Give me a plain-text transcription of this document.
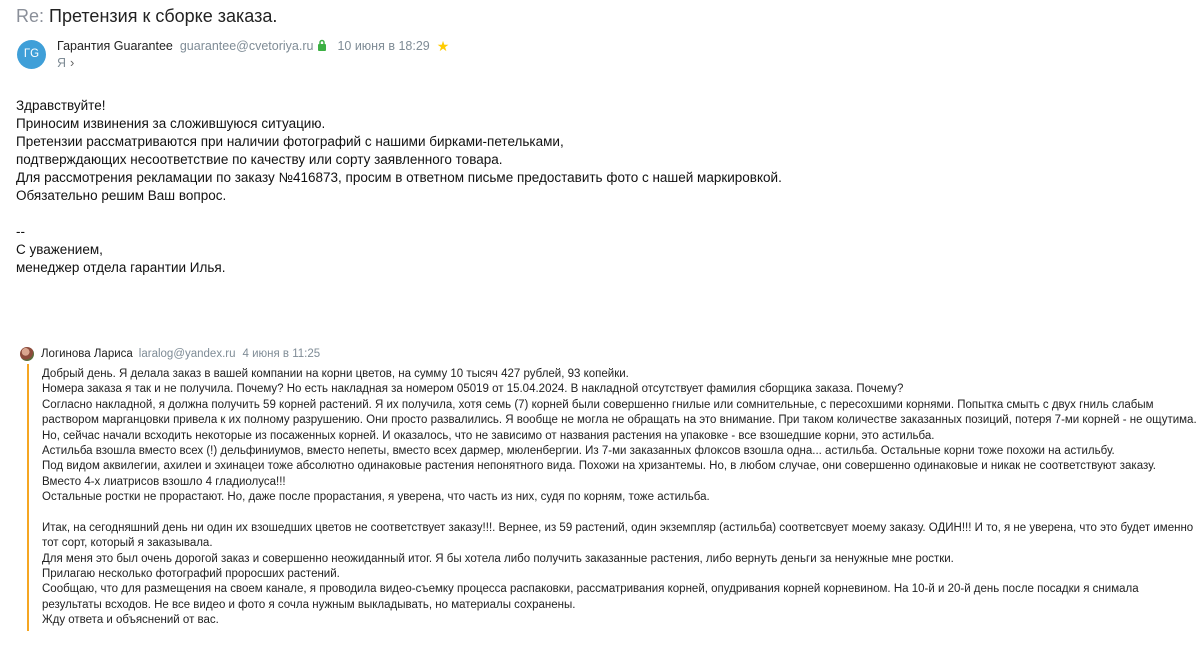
Re: Претензия к сборке заказа.
ГG
Гарантия Guarantee guarantee@cvetoriya.ru 10 июня в 18:29 ★
Я ›

Здравствуйте!

Приносим извинения за сложившуюся ситуацию.

Претензии рассматриваются при наличии фотографий с нашими бирками-петельками,

подтверждающих несоответствие по качеству или сорту заявленного товара.

Для рассмотрения рекламации по заказу №416873, просим в ответном письме предоставить фото с нашей маркировкой.

Обязательно решим Ваш вопрос.

--

С уважением,

менеджер отдела гарантии Илья.

Логинова Лариса laralog@yandex.ru 4 июня в 11:25

Добрый день. Я делала заказ в вашей компании на корни цветов, на сумму 10 тысяч 427 рублей, 93 копейки.

Номера заказа я так и не получила. Почему? Но есть накладная за номером 05019 от 15.04.2024. В накладной отсутствует фамилия сборщика заказа. Почему?

Согласно накладной, я должна получить 59 корней растений. Я их получила, хотя семь (7) корней были совершенно гнилые или сомнительные, с пересохшими корнями. Попытка смыть с двух гниль слабым

раствором марганцовки привела к их полному разрушению. Они просто развалились. Я вообще не могла не обращать на это внимание. При таком количестве заказанных позиций, потеря 7-ми корней - не ощутима.

Но, сейчас начали всходить некоторые из посаженных корней. И оказалось, что не зависимо от названия растения на упаковке - все взошедшие корни, это астильба.

Астильба взошла вместо всех (!) дельфиниумов, вместо непеты, вместо всех дармер, мюленбергии. Из 7-ми заказанных флоксов взошла одна... астильба. Остальные корни тоже похожи на астильбу.

Под видом аквилегии, ахилеи и эхинацеи тоже абсолютно одинаковые растения непонятного вида. Похожи на хризантемы. Но, в любом случае, они совершенно одинаковые и никак не соответствуют заказу.

Вместо 4-х лиатрисов взошло 4 гладиолуса!!!

Остальные ростки не прорастают. Но, даже после прорастания, я уверена, что часть из них, судя по корням, тоже астильба.

Итак, на сегодняшний день ни один их взошедших цветов не соответствует заказу!!!. Вернее, из 59 растений, один экземпляр (астильба) соответсвует моему заказу. ОДИН!!! И то, я не уверена, что это будет именно

тот сорт, который я заказывала.

Для меня это был очень дорогой заказ и совершенно неожиданный итог. Я бы хотела либо получить заказанные растения, либо вернуть деньги за ненужные мне ростки.

Прилагаю несколько фотографий проросших растений.

Сообщаю, что для размещения на своем канале, я проводила видео-съемку процесса распаковки, рассматривания корней, опудривания корней корневином. На 10-й и 20-й день после посадки я снимала

результаты всходов. Не все видео и фото я сочла нужным выкладывать, но материалы сохранены.

Жду ответа и объяснений от вас.
